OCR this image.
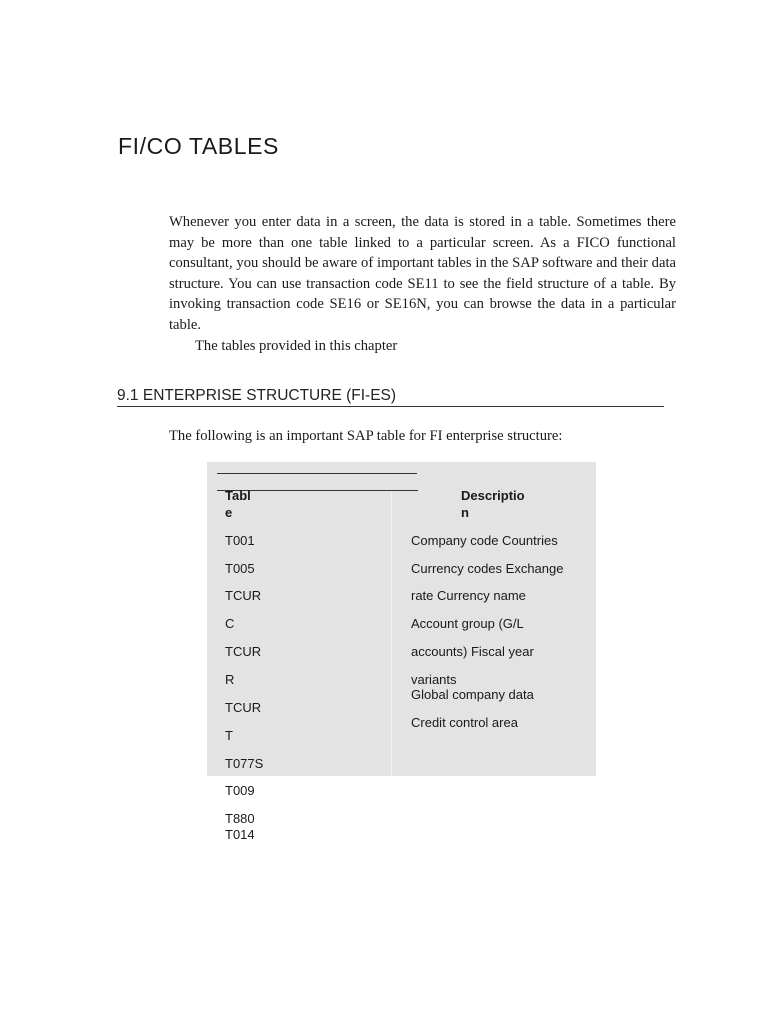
FI/CO TABLES

Whenever you enter data in a screen, the data is stored in a table. Sometimes there may be more than one table linked to a particular screen. As a FICO functional consultant, you should be aware of important tables in the SAP software and their data structure. You can use transaction code SE11 to see the field structure of a table. By invoking transaction code SE16 or SE16N, you can browse the data in a particular table.

The tables provided in this chapter

9.1 ENTERPRISE STRUCTURE (FI-ES)

The following is an important SAP table for FI enterprise structure:

Tabl
e
Descriptio
n
T001
T005
TCUR
C
TCUR
R
TCUR
T
T077S
T009
T880
T014
Company code Countries
Currency codes Exchange
rate Currency name
Account group (G/L
accounts) Fiscal year
variants
Global company data
Credit control area
